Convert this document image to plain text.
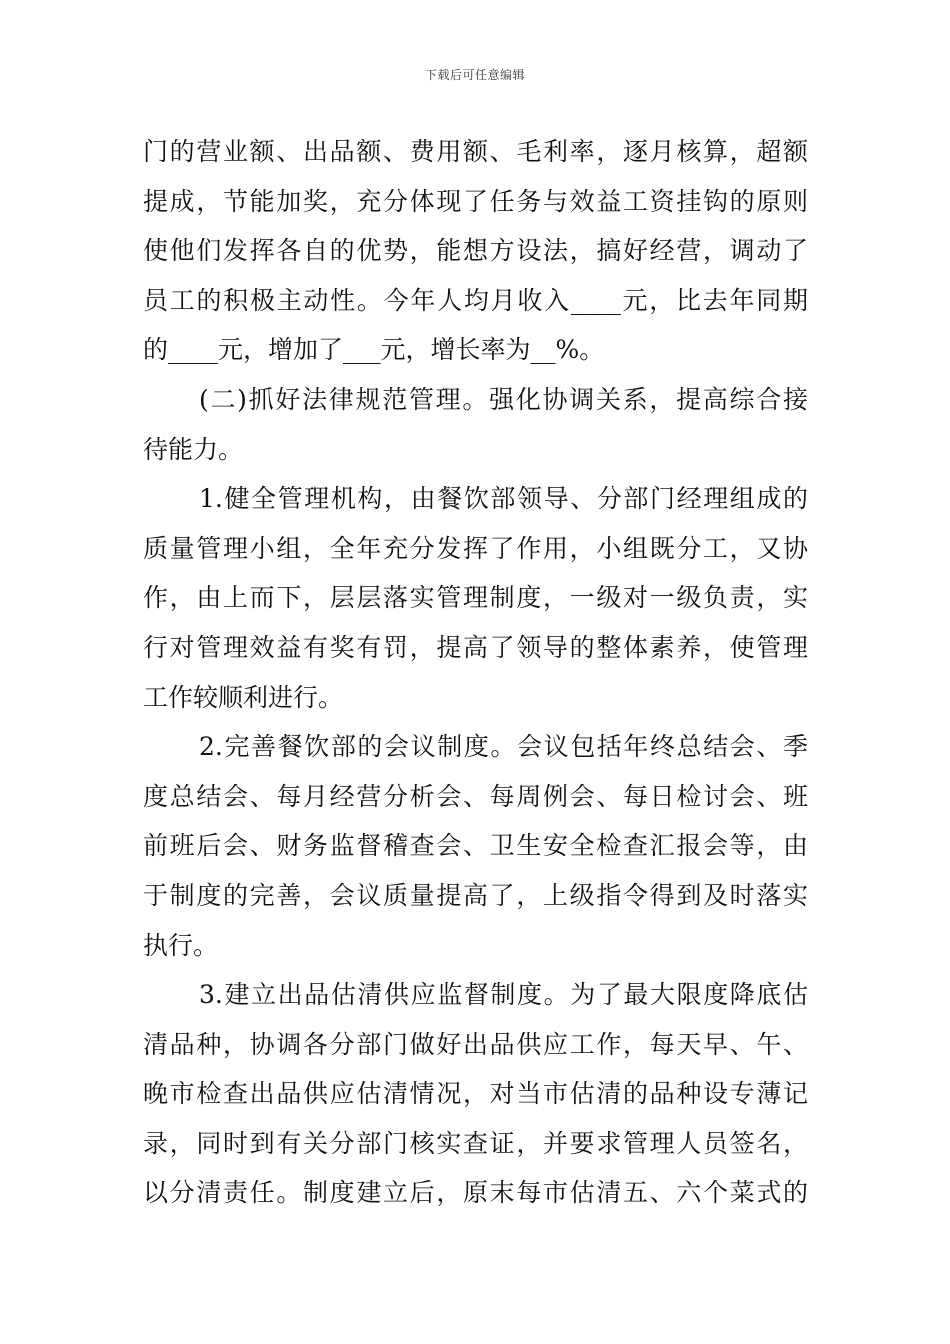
下载后可任意编辑
门的营业额、出品额、费用额、毛利率，逐月核算，超额
提成，节能加奖，充分体现了任务与效益工资挂钩的原则
使他们发挥各自的优势，能想方设法，搞好经营，调动了
员工的积极主动性。今年人均月收入____元，比去年同期
的____元，增加了___元，增长率为__%。
(二)抓好法律规范管理。强化协调关系，提高综合接
待能力。
1.健全管理机构，由餐饮部领导、分部门经理组成的
质量管理小组，全年充分发挥了作用，小组既分工，又协
作，由上而下，层层落实管理制度，一级对一级负责，实
行对管理效益有奖有罚，提高了领导的整体素养，使管理
工作较顺利进行。
2.完善餐饮部的会议制度。会议包括年终总结会、季
度总结会、每月经营分析会、每周例会、每日检讨会、班
前班后会、财务监督稽查会、卫生安全检查汇报会等，由
于制度的完善，会议质量提高了，上级指令得到及时落实
执行。
3.建立出品估清供应监督制度。为了最大限度降底估
清品种，协调各分部门做好出品供应工作，每天早、午、
晚市检查出品供应估清情况，对当市估清的品种设专薄记
录，同时到有关分部门核实查证，并要求管理人员签名，
以分清责任。制度建立后，原末每市估清五、六个菜式的
